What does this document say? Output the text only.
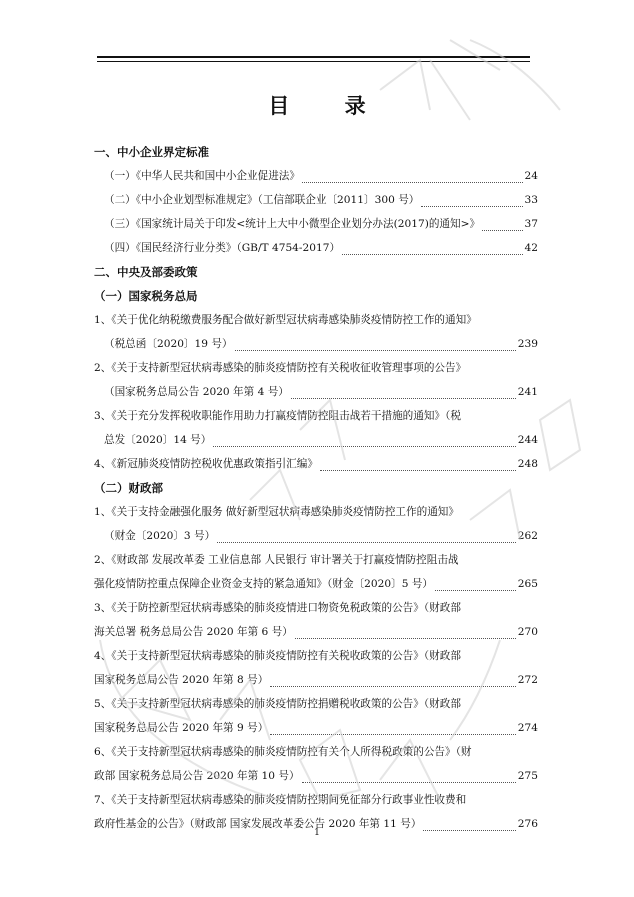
目 录
一、中小企业界定标准
（一）《中华人民共和国中小企业促进法》	24
（二）《中小企业划型标准规定》（工信部联企业〔2011〕300 号）	33
（三）《国家统计局关于印发<统计上大中小微型企业划分办法(2017)的通知>》	37
（四）《国民经济行业分类》（GB/T 4754-2017）	42
二、中央及部委政策
（一）国家税务总局
1、《关于优化纳税缴费服务配合做好新型冠状病毒感染肺炎疫情防控工作的通知》
（税总函〔2020〕19 号）	239
2、《关于支持新型冠状病毒感染的肺炎疫情防控有关税收征收管理事项的公告》
（国家税务总局公告 2020 年第 4 号）	241
3、《关于充分发挥税收职能作用助力打赢疫情防控阻击战若干措施的通知》（税
总发〔2020〕14 号）	244
4、《新冠肺炎疫情防控税收优惠政策指引汇编》	248
（二）财政部
1、《关于支持金融强化服务 做好新型冠状病毒感染肺炎疫情防控工作的通知》
（财金〔2020〕3 号）	262
2、《财政部 发展改革委 工业信息部 人民银行 审计署关于打赢疫情防控阻击战
强化疫情防控重点保障企业资金支持的紧急通知》（财金〔2020〕5 号）	265
3、《关于防控新型冠状病毒感染的肺炎疫情进口物资免税政策的公告》（财政部
海关总署 税务总局公告 2020 年第 6 号）	270
4、《关于支持新型冠状病毒感染的肺炎疫情防控有关税收政策的公告》（财政部
国家税务总局公告 2020 年第 8 号）	272
5、《关于支持新型冠状病毒感染的肺炎疫情防控捐赠税收政策的公告》（财政部
国家税务总局公告 2020 年第 9 号）	274
6、《关于支持新型冠状病毒感染的肺炎疫情防控有关个人所得税政策的公告》（财
政部 国家税务总局公告 2020 年第 10 号）	275
7、《关于支持新型冠状病毒感染的肺炎疫情防控期间免征部分行政事业性收费和
政府性基金的公告》（财政部 国家发展改革委公告 2020 年第 11 号）	276
1
